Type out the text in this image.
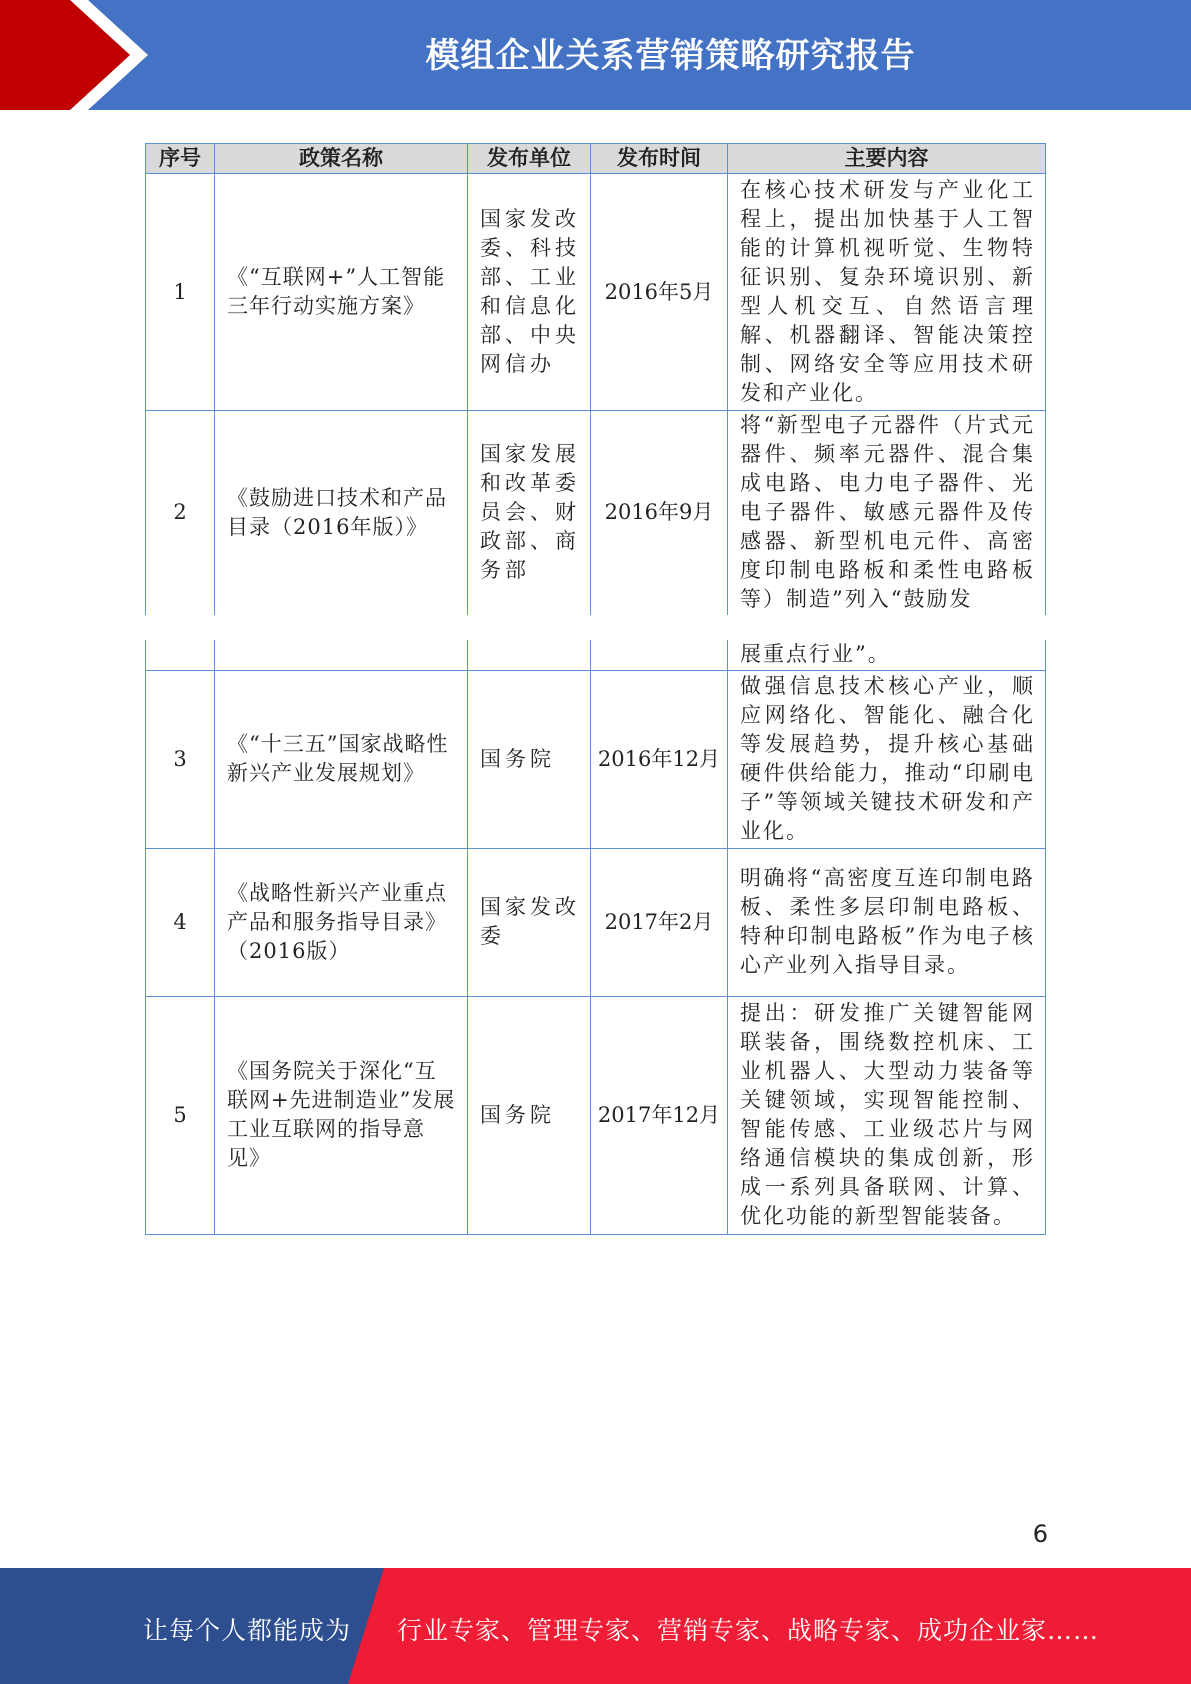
模组企业关系营销策略研究报告
序号	政策名称	发布单位	发布时间	主要内容
1	《“互联网+”人工智能三年行动实施方案》	国家发改委、科技部、工业和信息化部、中央网信办	2016年5月	在核心技术研发与产业化工程上，提出加快基于人工智能的计算机视听觉、生物特征识别、复杂环境识别、新型人机交互、自然语言理解、机器翻译、智能决策控制、网络安全等应用技术研发和产业化。
2	《鼓励进口技术和产品目录（2016年版）》	国家发展和改革委员会、财政部、商务部	2016年9月	将“新型电子元器件（片式元器件、频率元器件、混合集成电路、电力电子器件、光电子器件、敏感元器件及传感器、新型机电元件、高密度印制电路板和柔性电路板等）制造”列入“鼓励发
				展重点行业”。
3	《“十三五”国家战略性新兴产业发展规划》	国务院	2016年12月	做强信息技术核心产业，顺应网络化、智能化、融合化等发展趋势，提升核心基础硬件供给能力，推动“印刷电子”等领域关键技术研发和产业化。
4	《战略性新兴产业重点产品和服务指导目录》（2016版）	国家发改委	2017年2月	明确将“高密度互连印制电路板、柔性多层印制电路板、特种印制电路板”作为电子核心产业列入指导目录。
5	《国务院关于深化“互联网+先进制造业”发展工业互联网的指导意见》	国务院	2017年12月	提出：研发推广关键智能网联装备，围绕数控机床、工业机器人、大型动力装备等关键领域，实现智能控制、智能传感、工业级芯片与网络通信模块的集成创新，形成一系列具备联网、计算、优化功能的新型智能装备。
6
让每个人都能成为 行业专家、管理专家、营销专家、战略专家、成功企业家……
